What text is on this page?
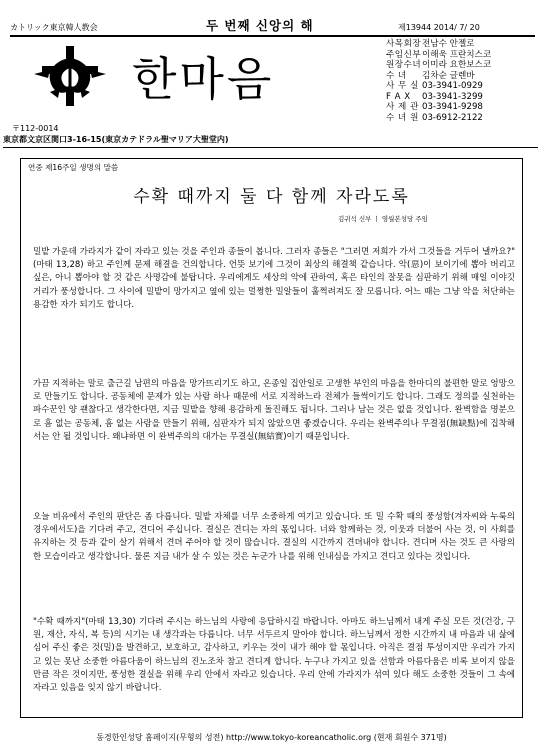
カトリック東京韓人教会	두 번째 신앙의 해	제13944 2014/ 7/ 20
한마음
사목회장 전남수 안젤로
주임신부 이해욱 프란치스코
원장수녀 이미라 요한보스코
수 녀	김차순 글렌바
사 무 실 03-3941-0929
F A X	03-3941-3299
사 제 관 03-3941-9298
수 녀 원 03-6912-2122
〒112-0014
東京都文京区関口3-16-15(東京カテドラル聖マリア大聖堂内)
연중 제16주일 생명의 말씀
수확 때까지 둘 다 함께 자라도록
김귀석 신부 ㅣ 영월본성당 주임
밀밭 가운데 가라지가 같이 자라고 있는 것을 주인과 종들이 봅니다. 그러자 종들은 "그러면 저희가 가서 그것들을 거두어 낼까요?"(마태 13,28) 하고 주인께 문제 해결을 건의합니다. 언뜻 보기에 그것이 최상의 해결책 같습니다. 악(惡)이 보이기에 뽑아 버리고 싶은, 아니 뽑아야 할 것 같은 사명감에 불탑니다. 우리에게도 세상의 악에 관하여, 혹은 타인의 잘못을 심판하기 위해 매일 이야깃거리가 풍성합니다. 그 사이에 밀밭이 망가지고 옆에 있는 멀쩡한 밀알들이 훌쩍려져도 잘 모릅니다. 어느 때는 그냥 악을 처단하는 용감한 자가 되기도 합니다.
가끔 지적하는 말로 출근길 남편의 마음을 망가뜨리기도 하고, 온종일 집안일로 고생한 부인의 마음을 한마디의 불편한 말로 엉망으로 만들기도 합니다. 공동체에 문제가 있는 사람 하나 때문에 서로 지적하느라 전체가 들썩이기도 합니다. 그래도 정의를 실천하는 파수꾼인 양 괜찮다고 생각한다면, 지금 밀밭을 향해 용감하게 돌진해도 됩니다. 그러나 남는 것은 없을 것입니다. 완벽함을 명분으로 흠 없는 공동체, 흠 없는 사람을 만들기 위해, 심판자가 되지 않았으면 좋겠습니다. 우리는 완벽주의나 무결점(無缺點)에 집착해서는 안 될 것입니다. 왜냐하면 이 완벽주의의 대가는 무결실(無結實)이기 때문입니다.
오늘 비유에서 주인의 판단은 좀 다릅니다. 밀밭 자체를 너무 소중하게 여기고 있습니다. 또 밀 수확 때의 풍성함(겨자씨와 누룩의 경우에서도)을 기다려 주고, 견디어 주십니다. 결실은 견디는 자의 몫입니다. 너와 함께하는 것, 이웃과 더불어 사는 것, 이 사회를 유지하는 것 등과 같이 살기 위해서 견뎌 주어야 할 것이 많습니다. 결실의 시간까지 견뎌내야 합니다. 견디며 사는 것도 큰 사랑의 한 모습이라고 생각합니다. 물론 지금 내가 살 수 있는 것은 누군가 나를 위해 인내심을 가지고 견디고 있다는 것입니다.
"수확 때까지"(마태 13,30) 기다려 주시는 하느님의 사랑에 응답하시길 바랍니다. 아마도 하느님께서 내게 주실 모든 것(건강, 구원, 재산, 자식, 복 등)의 시기는 내 생각과는 다릅니다. 너무 서두르지 말아야 합니다. 하느님께서 정한 시간까지 내 마음과 내 삶에 심어 주신 좋은 것(밀)을 발견하고, 보호하고, 감사하고, 키우는 것이 내가 해야 할 몫입니다. 아직은 결점 투성이지만 우리가 가지고 있는 못난 소중한 아름다움이 하느님의 진노조차 참고 견디게 합니다. 누구나 가지고 있을 선함과 아름다움은 비록 보이지 않을 만큼 작은 것이지만, 풍성한 결실을 위해 우리 안에서 자라고 있습니다. 우리 안에 가라지가 섞여 있다 해도 소중한 것들이 그 속에 자라고 있음을 잊지 않기 바랍니다.
동경한인성당 홈페이지(무형의 성전) http://www.tokyo-koreancatholic.org (현재 회원수 371명)
